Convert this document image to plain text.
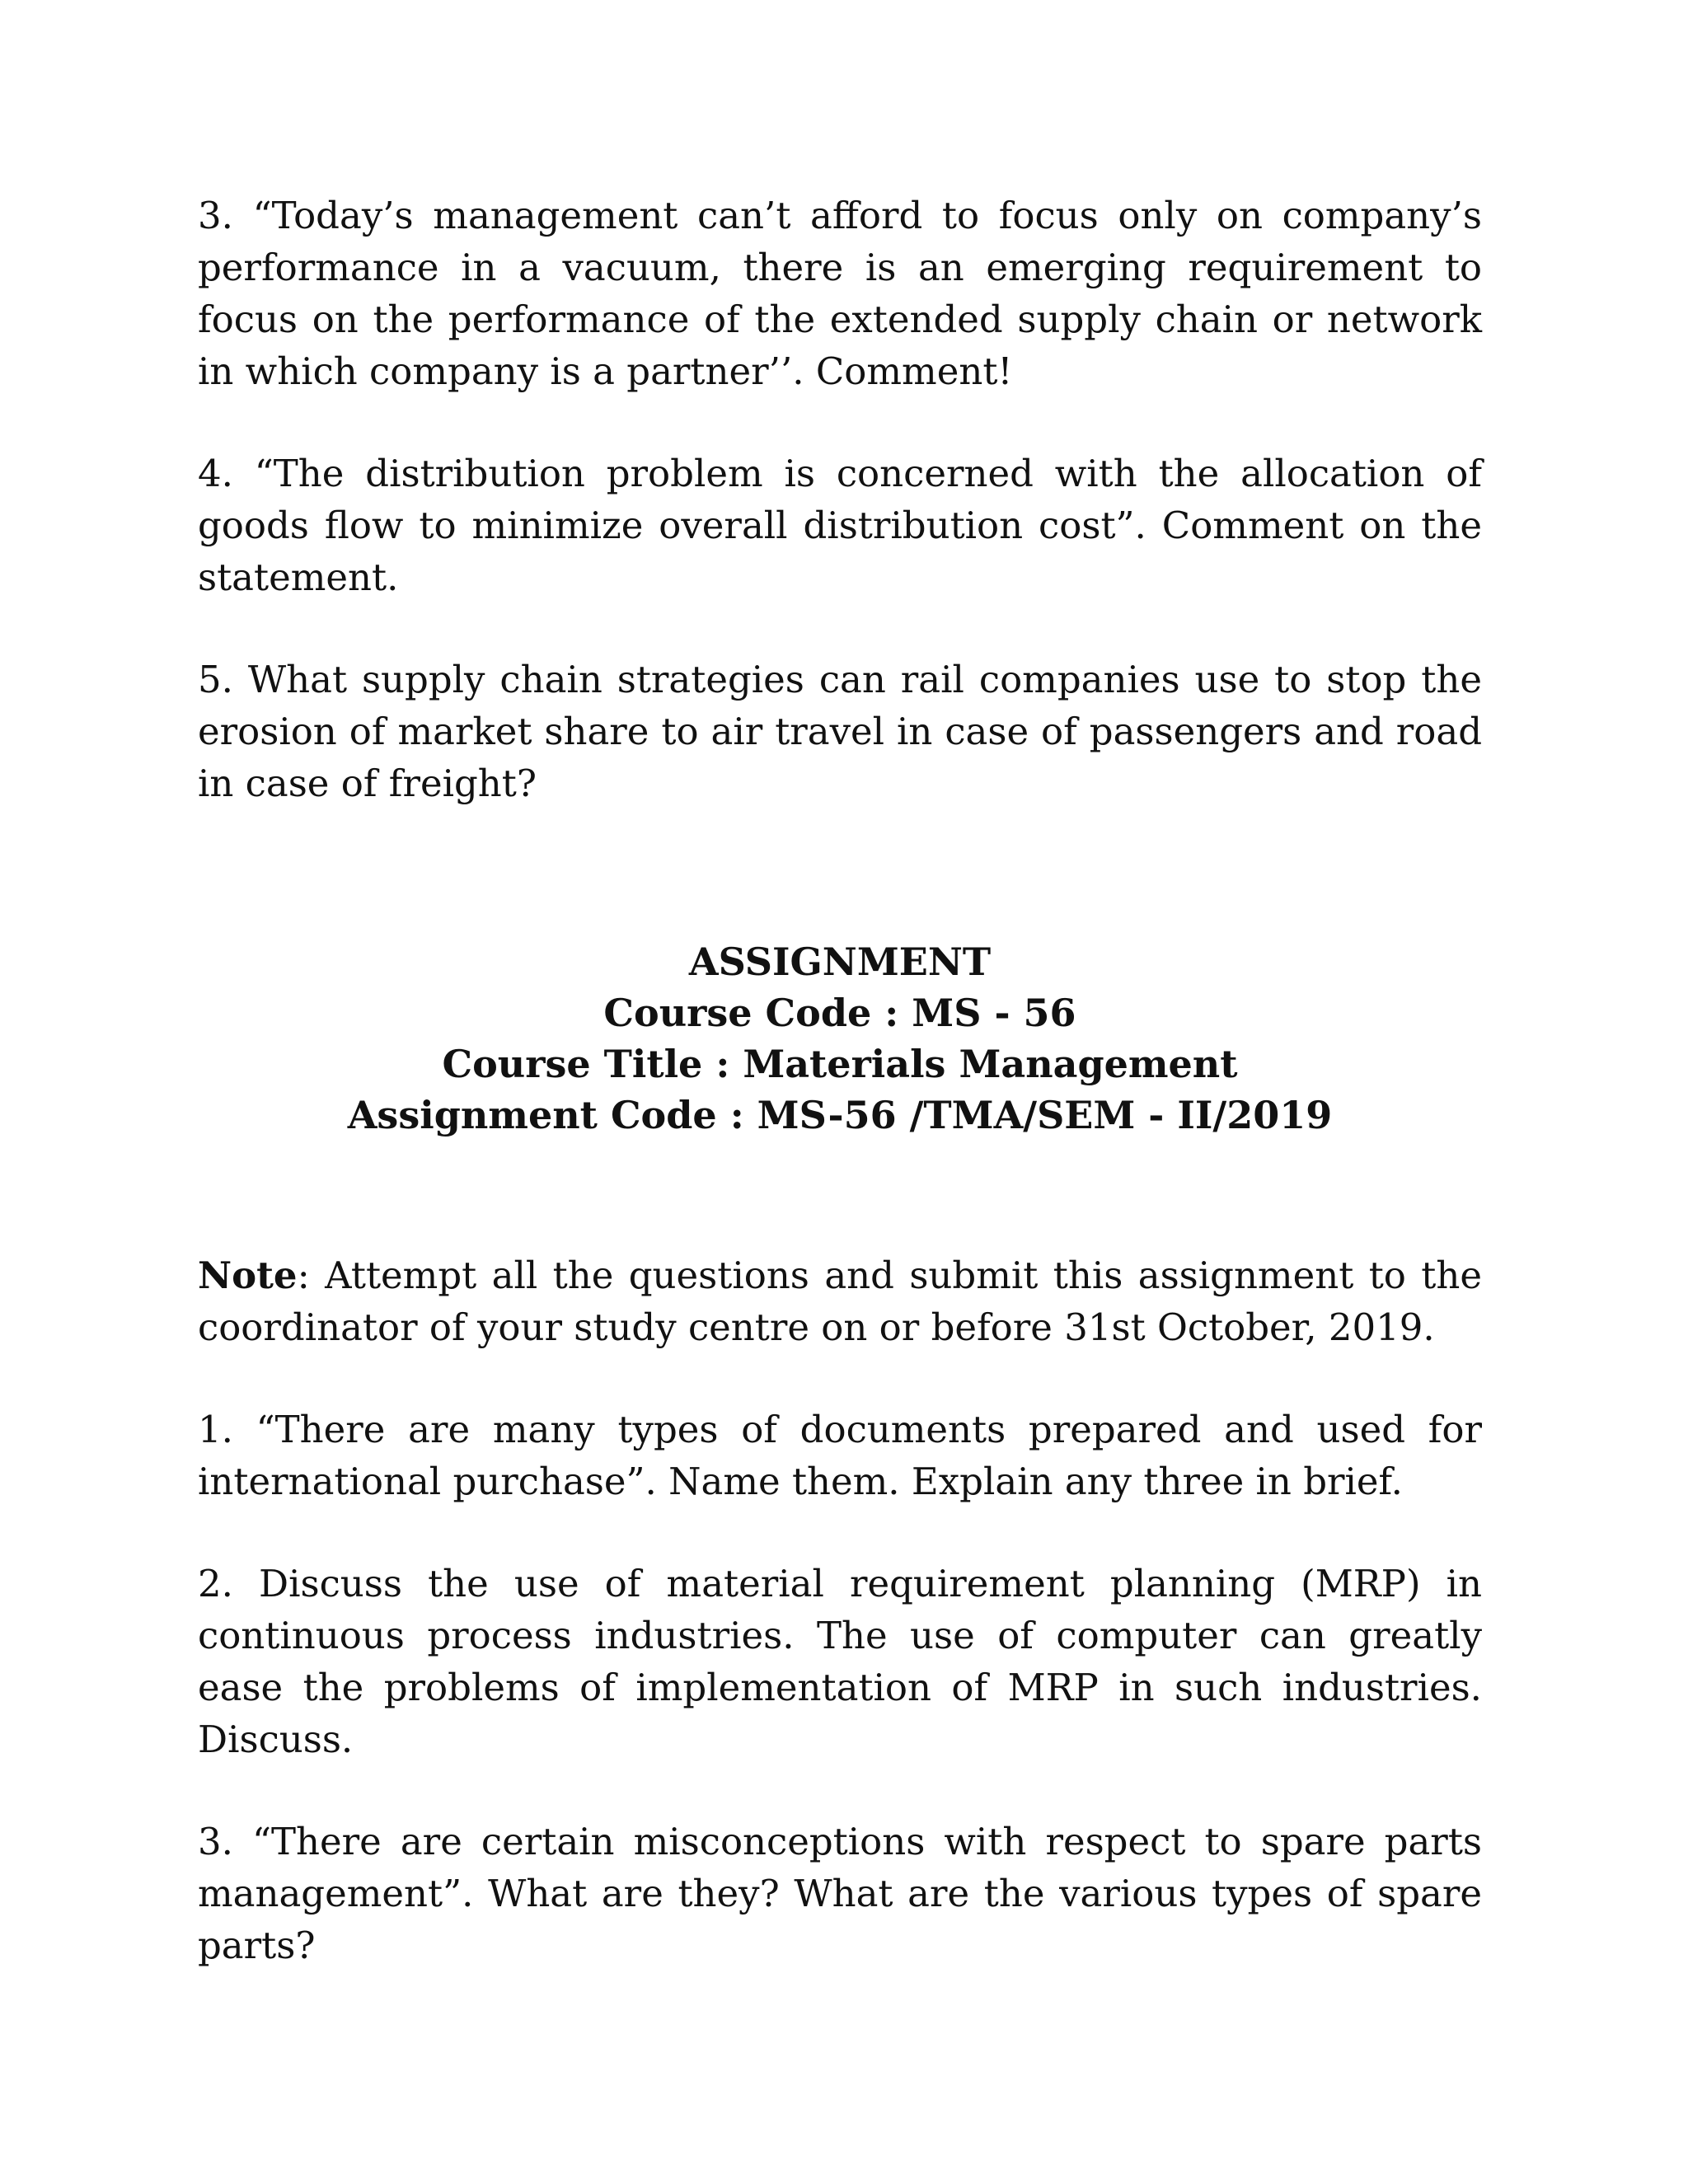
3. “Today’s management can’t afford to focus only on company’s performance in a vacuum, there is an emerging requirement to focus on the performance of the extended supply chain or network in which company is a partner’’. Comment!

4. “The distribution problem is concerned with the allocation of goods flow to minimize overall distribution cost”. Comment on the statement.

5. What supply chain strategies can rail companies use to stop the erosion of market share to air travel in case of passengers and road in case of freight?

ASSIGNMENT
Course Code : MS - 56
Course Title : Materials Management
Assignment Code : MS-56 /TMA/SEM - II/2019

Note: Attempt all the questions and submit this assignment to the coordinator of your study centre on or before 31st October, 2019.

1. “There are many types of documents prepared and used for international purchase”. Name them. Explain any three in brief.

2. Discuss the use of material requirement planning (MRP) in continuous process industries. The use of computer can greatly ease the problems of implementation of MRP in such industries. Discuss.

3. “There are certain misconceptions with respect to spare parts management”. What are they? What are the various types of spare parts?
